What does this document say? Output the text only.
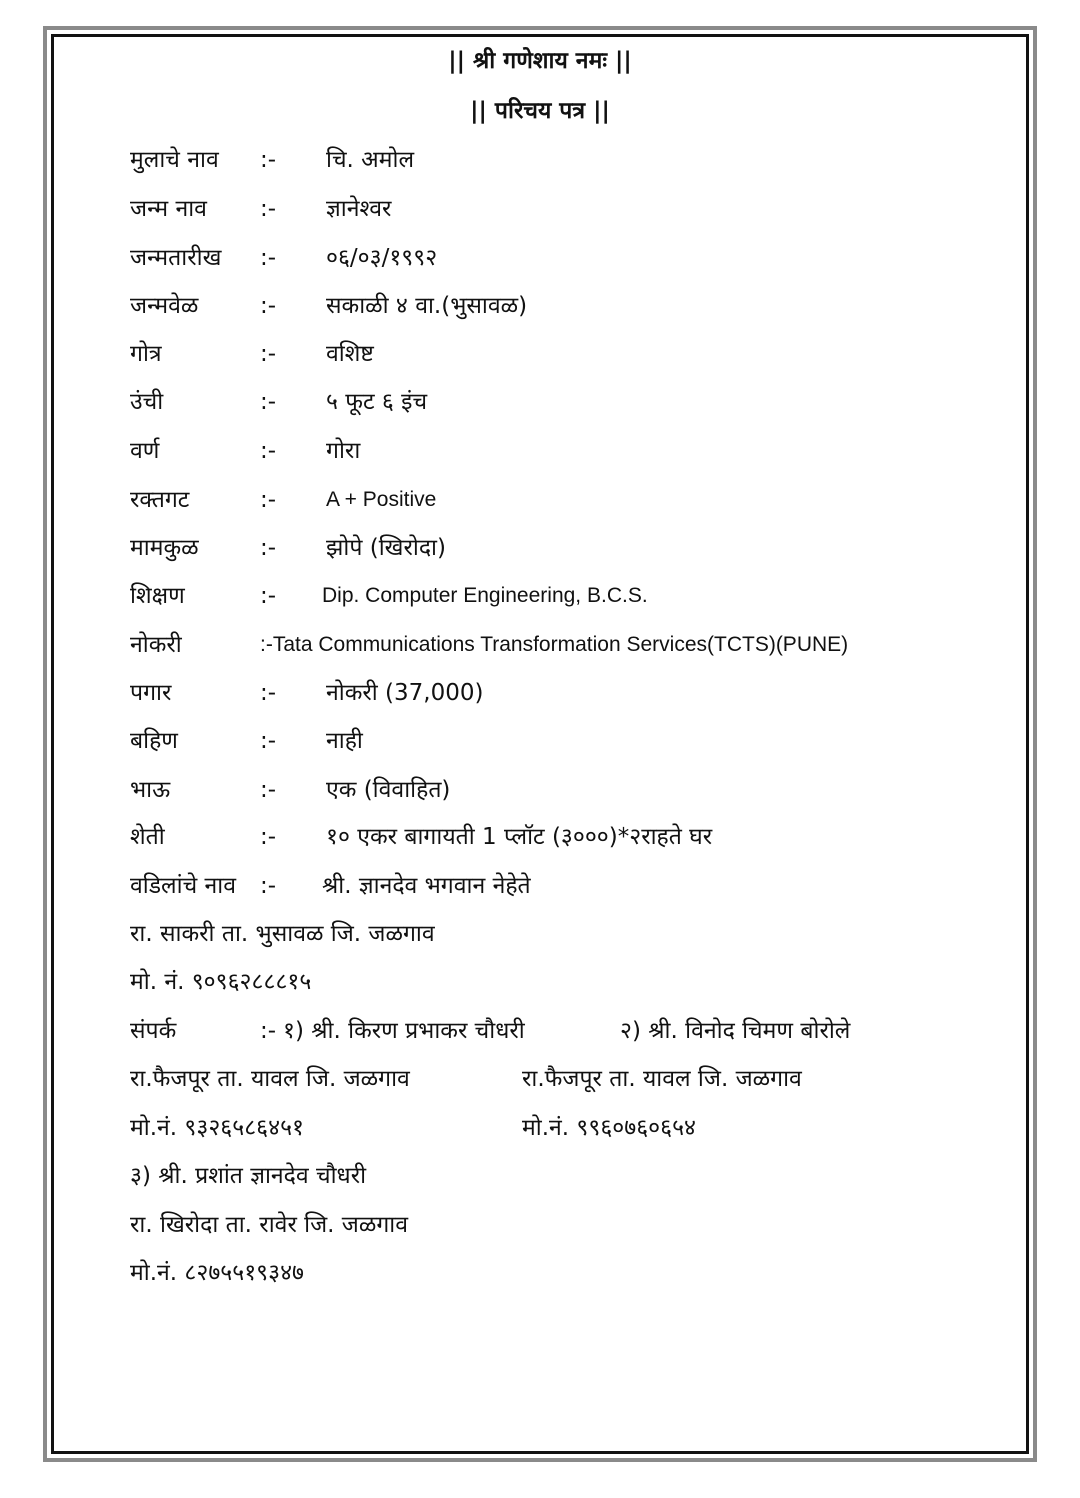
|| श्री गणेशाय नमः ||
|| परिचय पत्र ||
मुलाचे नाव :- चि. अमोल
जन्म नाव :- ज्ञानेश्वर
जन्मतारीख :- ०६/०३/१९९२
जन्मवेळ	:- सकाळी ४ वा.(भुसावळ)
गोत्र	:- वशिष्ट
उंची	:- ५ फूट ६ इंच
वर्ण	:- गोरा
रक्तगट	:- A + Positive
मामकुळ	:- झोपे (खिरोदा)
शिक्षण	:- Dip. Computer Engineering, B.C.S.
नोकरी	:-Tata Communications Transformation Services(TCTS)(PUNE)
पगार	:- नोकरी (37,000)
बहिण	:- नाही
भाऊ	:- एक (विवाहित)
शेती	:- १० एकर बागायती 1 प्लॉट (३०००)*२राहते घर
वडिलांचे नाव :- श्री. ज्ञानदेव भगवान नेहेते
रा. साकरी ता. भुसावळ जि. जळगाव
मो. नं. ९०९६२८८८१५
संपर्क	:- १) श्री. किरण प्रभाकर चौधरी	२) श्री. विनोद चिमण बोरोले
रा.फैजपूर ता. यावल जि. जळगाव	रा.फैजपूर ता. यावल जि. जळगाव
मो.नं. ९३२६५८६४५१	मो.नं. ९९६०७६०६५४
३) श्री. प्रशांत ज्ञानदेव चौधरी
रा. खिरोदा ता. रावेर जि. जळगाव
मो.नं. ८२७५५१९३४७
